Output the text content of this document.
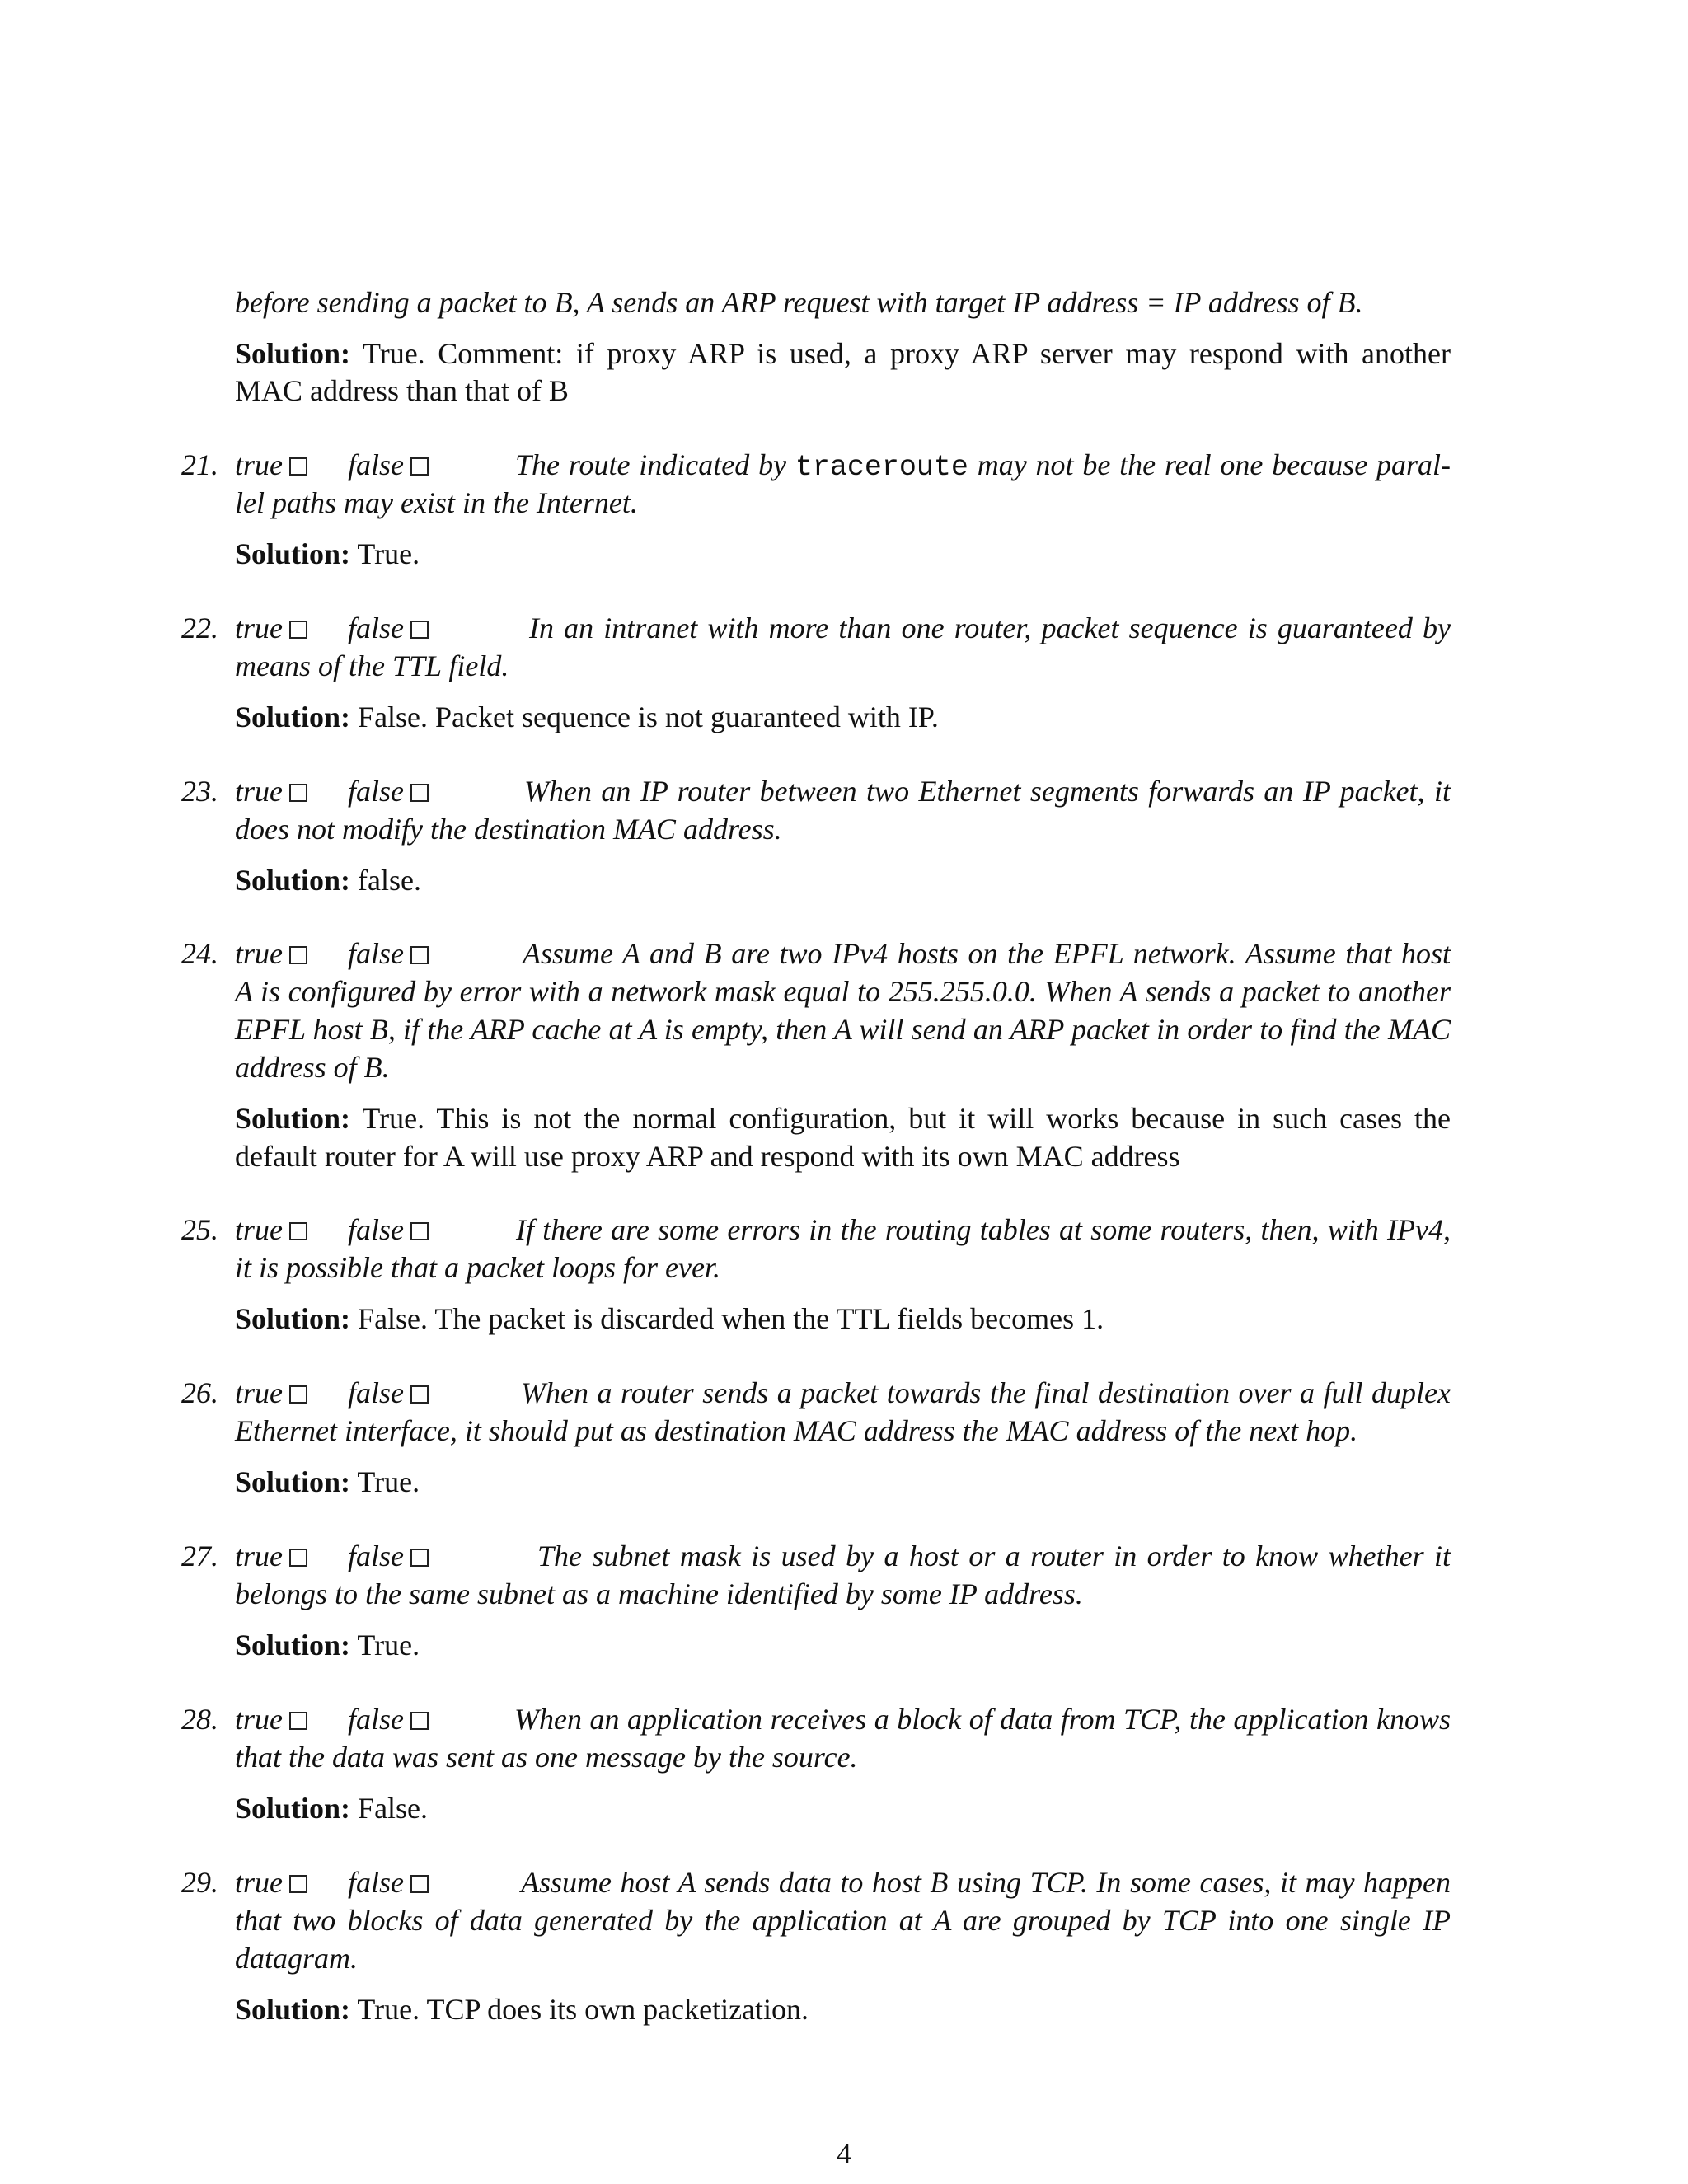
before sending a packet to B, A sends an ARP request with target IP address = IP address of B.
Solution: True. Comment: if proxy ARP is used, a proxy ARP server may respond with another
MAC address than that of B
21. true false	The route indicated by traceroute may not be the real one because paral-
lel paths may exist in the Internet.
Solution: True.
22. true false	In an intranet with more than one router, packet sequence is guaranteed by
means of the TTL field.
Solution: False. Packet sequence is not guaranteed with IP.
23. true false	When an IP router between two Ethernet segments forwards an IP packet, it
does not modify the destination MAC address.
Solution: false.
24. true false	Assume A and B are two IPv4 hosts on the EPFL network. Assume that host
A is configured by error with a network mask equal to 255.255.0.0. When A sends a packet to another
EPFL host B, if the ARP cache at A is empty, then A will send an ARP packet in order to find the MAC
address of B.
Solution: True. This is not the normal configuration, but it will works because in such cases the
default router for A will use proxy ARP and respond with its own MAC address
25. true false	If there are some errors in the routing tables at some routers, then, with IPv4,
it is possible that a packet loops for ever.
Solution: False. The packet is discarded when the TTL fields becomes 1.
26. true false	When a router sends a packet towards the final destination over a full duplex
Ethernet interface, it should put as destination MAC address the MAC address of the next hop.
Solution: True.
27. true false	The subnet mask is used by a host or a router in order to know whether it
belongs to the same subnet as a machine identified by some IP address.
Solution: True.
28. true false	When an application receives a block of data from TCP, the application knows
that the data was sent as one message by the source.
Solution: False.
29. true false	Assume host A sends data to host B using TCP. In some cases, it may happen
that two blocks of data generated by the application at A are grouped by TCP into one single IP
datagram.
Solution: True. TCP does its own packetization.
4
